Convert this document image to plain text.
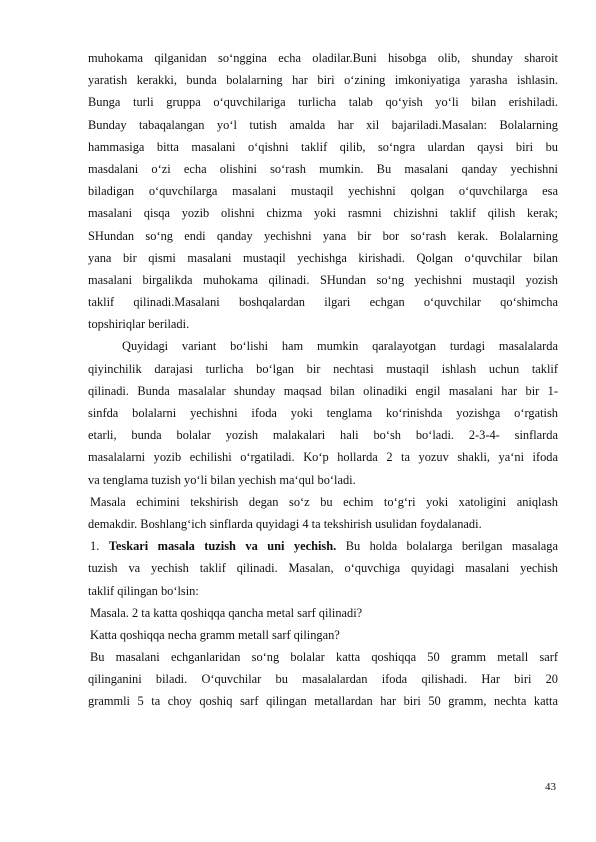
muhokama qilganidan so‘nggina echa oladilar.Buni hisobga olib, shunday sharoit
yaratish kerakki, bunda bolalarning har biri o‘zining imkoniyatiga yarasha ishlasin.
Bunga turli gruppa o‘quvchilariga turlicha talab qo‘yish yo‘li bilan erishiladi.
Bunday tabaqalangan yo‘l tutish amalda har xil bajariladi.Masalan: Bolalarning
hammasiga bitta masalani o‘qishni taklif qilib, so‘ngra ulardan qaysi biri bu
masdalani o‘zi echa olishini so‘rash mumkin. Bu masalani qanday yechishni
biladigan o‘quvchilarga masalani mustaqil yechishni qolgan o‘quvchilarga esa
masalani qisqa yozib olishni chizma yoki rasmni chizishni taklif qilish kerak;
SHundan so‘ng endi qanday yechishni yana bir bor so‘rash kerak. Bolalarning
yana bir qismi masalani mustaqil yechishga kirishadi. Qolgan o‘quvchilar bilan
masalani birgalikda muhokama qilinadi. SHundan so‘ng yechishni mustaqil yozish
taklif qilinadi.Masalani boshqalardan ilgari echgan o‘quvchilar qo‘shimcha
topshiriqlar beriladi.
Quyidagi variant bo‘lishi ham mumkin qaralayotgan turdagi masalalarda
qiyinchilik darajasi turlicha bo‘lgan bir nechtasi mustaqil ishlash uchun taklif
qilinadi. Bunda masalalar shunday maqsad bilan olinadiki engil masalani har bir 1-
sinfda bolalarni yechishni ifoda yoki tenglama ko‘rinishda yozishga o‘rgatish
etarli, bunda bolalar yozish malakalari hali bo‘sh bo‘ladi. 2-3-4- sinflarda
masalalarni yozib echilishi o‘rgatiladi. Ko‘p hollarda 2 ta yozuv shakli, ya‘ni ifoda
va tenglama tuzish yo‘li bilan yechish ma‘qul bo‘ladi.
Masala echimini tekshirish degan so‘z bu echim to‘g‘ri yoki xatoligini aniqlash
demakdir. Boshlang‘ich sinflarda quyidagi 4 ta tekshirish usulidan foydalanadi.
1. Teskari masala tuzish va uni yechish. Bu holda bolalarga berilgan masalaga
tuzish va yechish taklif qilinadi. Masalan, o‘quvchiga quyidagi masalani yechish
taklif qilingan bo‘lsin:
Masala. 2 ta katta qoshiqqa qancha metal sarf qilinadi?
Katta qoshiqqa necha gramm metall sarf qilingan?
Bu masalani echganlaridan so‘ng bolalar katta qoshiqqa 50 gramm metall sarf
qilinganini biladi. O‘quvchilar bu masalalardan ifoda qilishadi. Har biri 20
grammli 5 ta choy qoshiq sarf qilingan metallardan har biri 50 gramm, nechta katta
43
